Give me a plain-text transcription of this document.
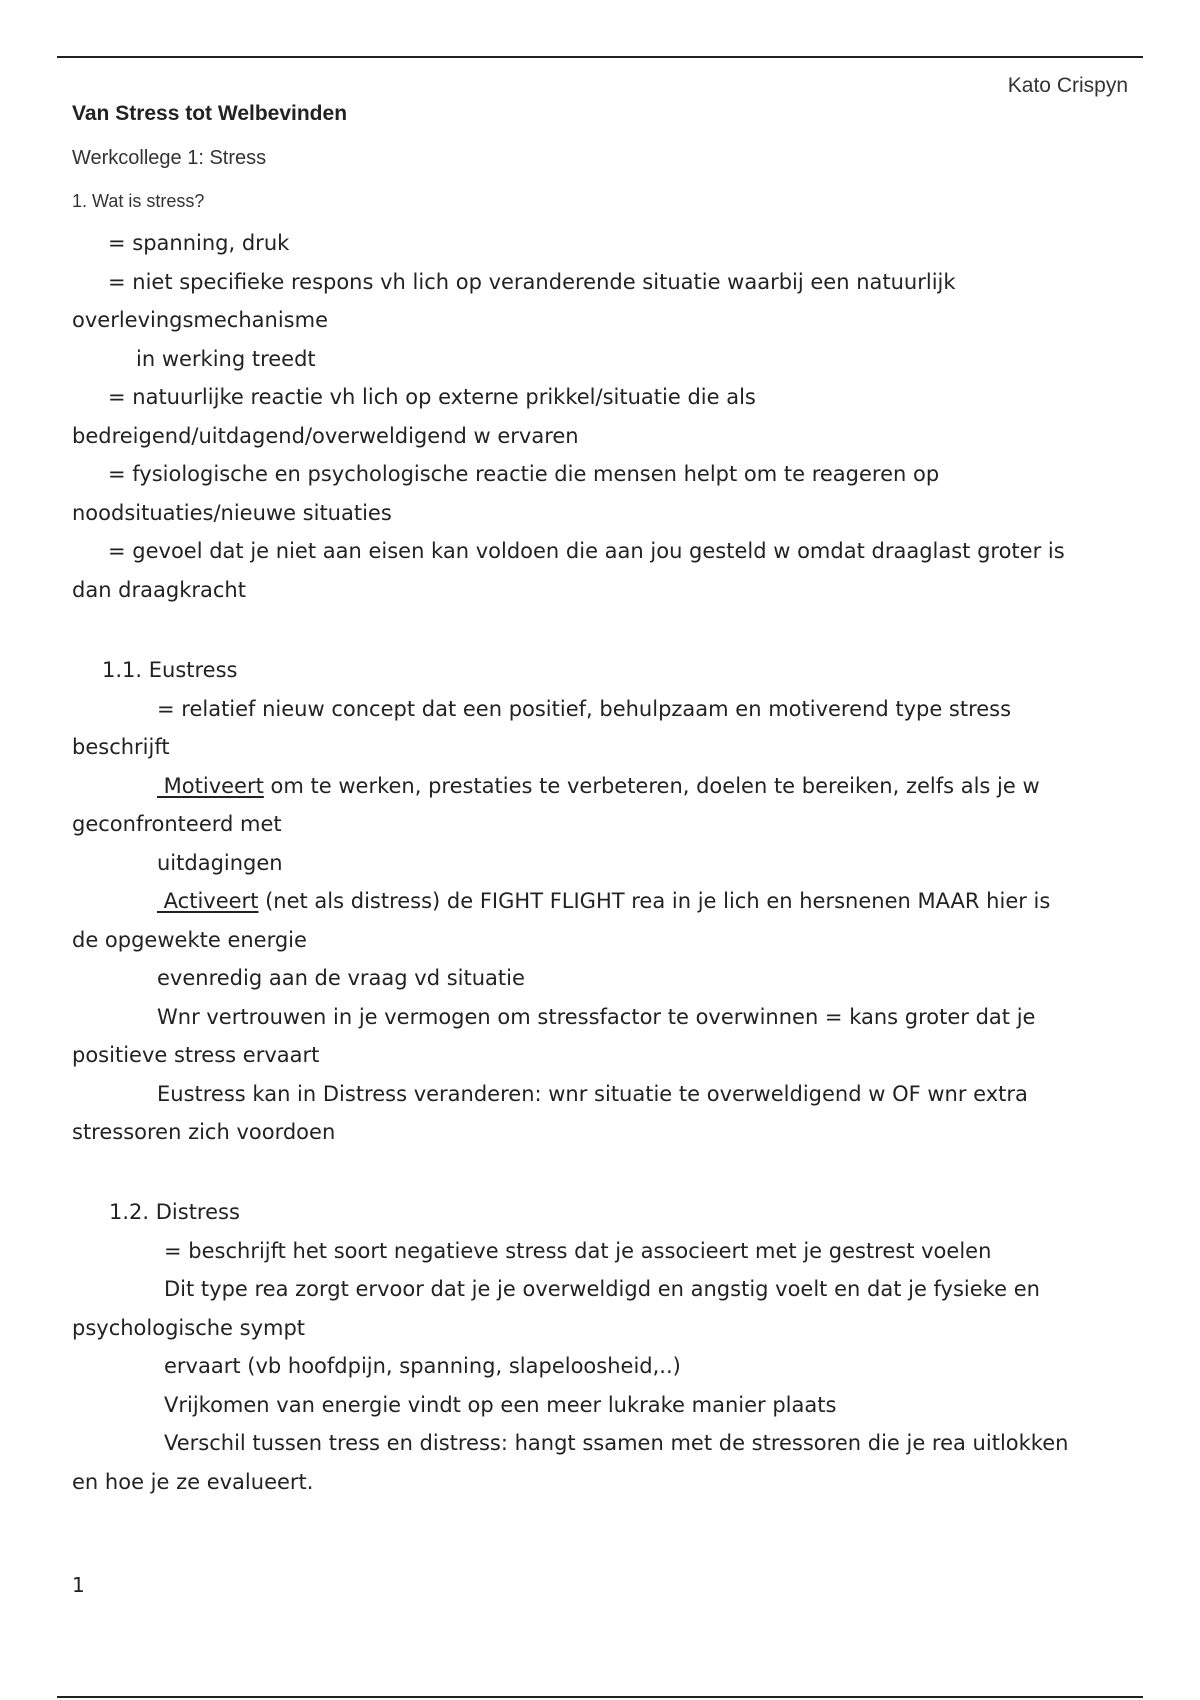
Kato Crispyn
Van Stress tot Welbevinden
Werkcollege 1: Stress
1. Wat is stress?
= spanning, druk
= niet specifieke respons vh lich op veranderende situatie waarbij een natuurlijk
overlevingsmechanisme
in werking treedt
= natuurlijke reactie vh lich op externe prikkel/situatie die als
bedreigend/uitdagend/overweldigend w ervaren
= fysiologische en psychologische reactie die mensen helpt om te reageren op
noodsituaties/nieuwe situaties
= gevoel dat je niet aan eisen kan voldoen die aan jou gesteld w omdat draaglast groter is
dan draagkracht
1.1. Eustress
= relatief nieuw concept dat een positief, behulpzaam en motiverend type stress
beschrijft
Motiveert om te werken, prestaties te verbeteren, doelen te bereiken, zelfs als je w
geconfronteerd met
uitdagingen
Activeert (net als distress) de FIGHT FLIGHT rea in je lich en hersnenen MAAR hier is
de opgewekte energie
evenredig aan de vraag vd situatie
Wnr vertrouwen in je vermogen om stressfactor te overwinnen = kans groter dat je
positieve stress ervaart
Eustress kan in Distress veranderen: wnr situatie te overweldigend w OF wnr extra
stressoren zich voordoen
1.2. Distress
= beschrijft het soort negatieve stress dat je associeert met je gestrest voelen
Dit type rea zorgt ervoor dat je je overweldigd en angstig voelt en dat je fysieke en
psychologische sympt
ervaart (vb hoofdpijn, spanning, slapeloosheid,..)
Vrijkomen van energie vindt op een meer lukrake manier plaats
Verschil tussen tress en distress: hangt ssamen met de stressoren die je rea uitlokken
en hoe je ze evalueert.
1
